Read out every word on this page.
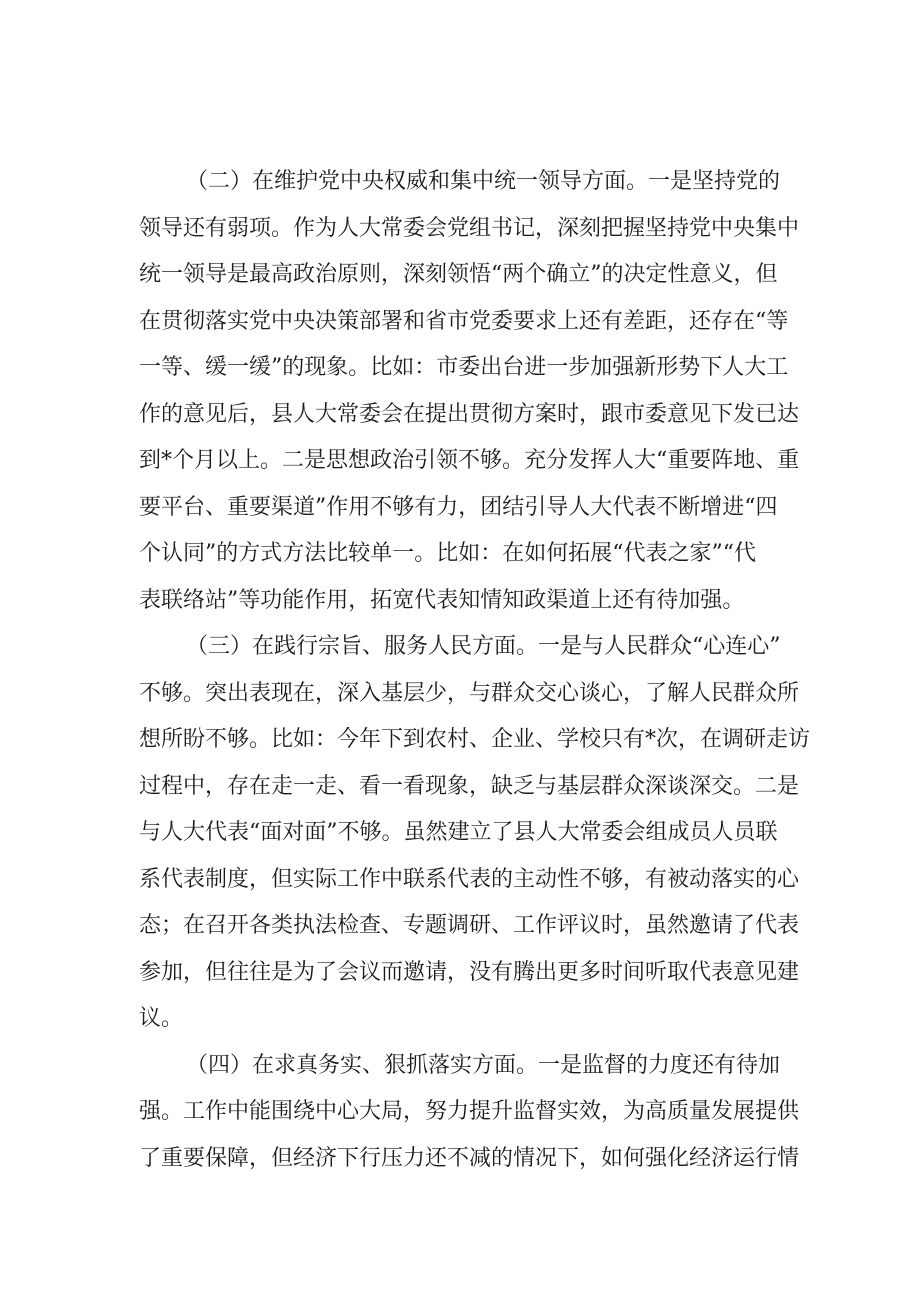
（二）在维护党中央权威和集中统一领导方面。一是坚持党的
领导还有弱项。作为人大常委会党组书记，深刻把握坚持党中央集中
统一领导是最高政治原则，深刻领悟“两个确立”的决定性意义，但
在贯彻落实党中央决策部署和省市党委要求上还有差距，还存在“等
一等、缓一缓”的现象。比如：市委出台进一步加强新形势下人大工
作的意见后，县人大常委会在提出贯彻方案时，跟市委意见下发已达
到*个月以上。二是思想政治引领不够。充分发挥人大“重要阵地、重
要平台、重要渠道”作用不够有力，团结引导人大代表不断增进“四
个认同”的方式方法比较单一。比如：在如何拓展“代表之家”“代
表联络站”等功能作用，拓宽代表知情知政渠道上还有待加强。
（三）在践行宗旨、服务人民方面。一是与人民群众“心连心”
不够。突出表现在，深入基层少，与群众交心谈心，了解人民群众所
想所盼不够。比如：今年下到农村、企业、学校只有*次，在调研走访
过程中，存在走一走、看一看现象，缺乏与基层群众深谈深交。二是
与人大代表“面对面”不够。虽然建立了县人大常委会组成员人员联
系代表制度，但实际工作中联系代表的主动性不够，有被动落实的心
态；在召开各类执法检查、专题调研、工作评议时，虽然邀请了代表
参加，但往往是为了会议而邀请，没有腾出更多时间听取代表意见建
议。
（四）在求真务实、狠抓落实方面。一是监督的力度还有待加
强。工作中能围绕中心大局，努力提升监督实效，为高质量发展提供
了重要保障，但经济下行压力还不减的情况下，如何强化经济运行情
